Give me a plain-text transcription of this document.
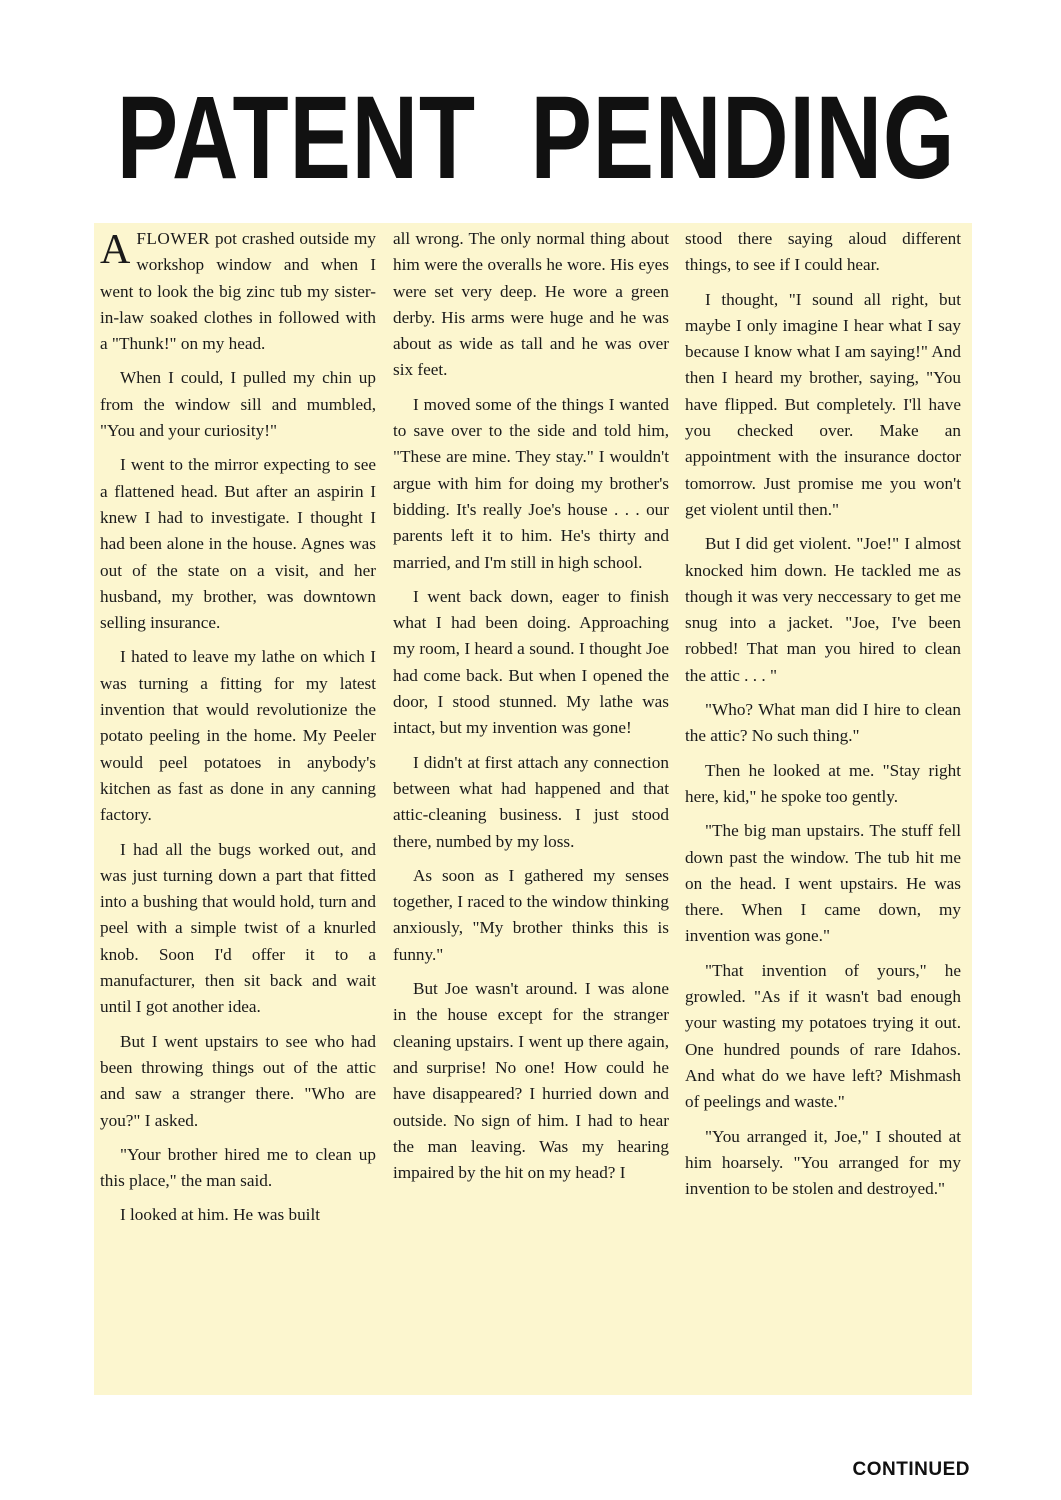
PATENT PENDING

AFLOWER pot crashed outside my workshop window and when I went to look the big zinc tub my sister-in-law soaked clothes in followed with a "Thunk!" on my head.

When I could, I pulled my chin up from the window sill and mumbled, "You and your curiosity!"

I went to the mirror expecting to see a flattened head. But after an aspirin I knew I had to investigate. I thought I had been alone in the house. Agnes was out of the state on a visit, and her husband, my brother, was downtown selling insurance.

I hated to leave my lathe on which I was turning a fitting for my latest invention that would revolutionize the potato peeling in the home. My Peeler would peel potatoes in anybody's kitchen as fast as done in any canning factory.

I had all the bugs worked out, and was just turning down a part that fitted into a bushing that would hold, turn and peel with a simple twist of a knurled knob. Soon I'd offer it to a manufacturer, then sit back and wait until I got another idea.

But I went upstairs to see who had been throwing things out of the attic and saw a stranger there. "Who are you?" I asked.

"Your brother hired me to clean up this place," the man said.

I looked at him. He was built

all wrong. The only normal thing about him were the overalls he wore. His eyes were set very deep. He wore a green derby. His arms were huge and he was about as wide as tall and he was over six feet.

I moved some of the things I wanted to save over to the side and told him, "These are mine. They stay." I wouldn't argue with him for doing my brother's bidding. It's really Joe's house . . . our parents left it to him. He's thirty and married, and I'm still in high school.

I went back down, eager to finish what I had been doing. Approaching my room, I heard a sound. I thought Joe had come back. But when I opened the door, I stood stunned. My lathe was intact, but my invention was gone!

I didn't at first attach any connection between what had happened and that attic-cleaning business. I just stood there, numbed by my loss.

As soon as I gathered my senses together, I raced to the window thinking anxiously, "My brother thinks this is funny."

But Joe wasn't around. I was alone in the house except for the stranger cleaning upstairs. I went up there again, and surprise! No one! How could he have disappeared? I hurried down and outside. No sign of him. I had to hear the man leaving. Was my hearing impaired by the hit on my head? I

stood there saying aloud different things, to see if I could hear.

I thought, "I sound all right, but maybe I only imagine I hear what I say because I know what I am saying!" And then I heard my brother, saying, "You have flipped. But completely. I'll have you checked over. Make an appointment with the insurance doctor tomorrow. Just promise me you won't get violent until then."

But I did get violent. "Joe!" I almost knocked him down. He tackled me as though it was very neccessary to get me snug into a jacket. "Joe, I've been robbed! That man you hired to clean the attic . . . "

"Who? What man did I hire to clean the attic? No such thing."

Then he looked at me. "Stay right here, kid," he spoke too gently.

"The big man upstairs. The stuff fell down past the window. The tub hit me on the head. I went upstairs. He was there. When I came down, my invention was gone."

"That invention of yours," he growled. "As if it wasn't bad enough your wasting my potatoes trying it out. One hundred pounds of rare Idahos. And what do we have left? Mishmash of peelings and waste."

"You arranged it, Joe," I shouted at him hoarsely. "You arranged for my invention to be stolen and destroyed."

CONTINUED
